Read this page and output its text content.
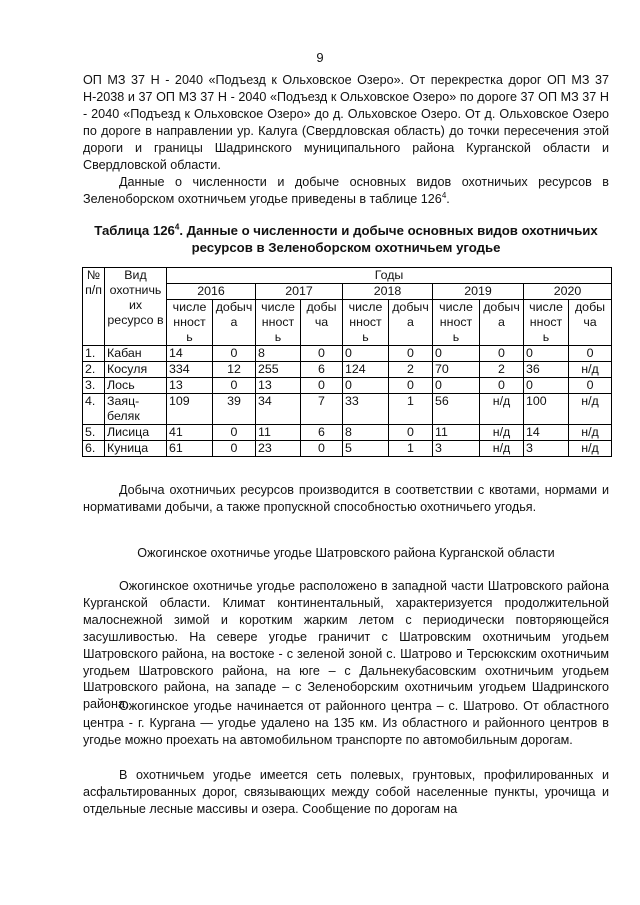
9

ОП МЗ 37 Н - 2040 «Подъезд к Ольховское Озеро». От перекрестка дорог ОП МЗ 37 Н-2038 и 37 ОП МЗ 37 Н - 2040 «Подъезд к Ольховское Озеро» по дороге 37 ОП МЗ 37 Н - 2040 «Подъезд к Ольховское Озеро» до д. Ольховское Озеро. От д. Ольховское Озеро по дороге в направлении ур. Калуга (Свердловская область) до точки пересечения этой дороги и границы Шадринского муниципального района Курганской области и Свердловской области.

Данные о численности и добыче основных видов охотничьих ресурсов в Зеленоборском охотничьем угодье приведены в таблице $126^4$.

Таблица $126^4$. Данные о численности и добыче основных видов охотничьих ресурсов в Зеленоборском охотничьем угодье

№ п/п	Вид охотничь их ресурсо в	Годы									
		2016		2017		2018		2019		2020	
		числе нност ь	добыч а	числе нност ь	добы ча	числе нност ь	добыч а	числе нност ь	добыч а	числе нност ь	добы ча
1.	Кабан	14	0	8	0	0	0	0	0	0	0
2.	Косуля	334	12	255	6	124	2	70	2	36	н/д
3.	Лось	13	0	13	0	0	0	0	0	0	0
4.	Заяц-беляк	109	39	34	7	33	1	56	н/д	100	н/д
5.	Лисица	41	0	11	6	8	0	11	н/д	14	н/д
6.	Куница	61	0	23	0	5	1	3	н/д	3	н/д

Добыча охотничьих ресурсов производится в соответствии с квотами, нормами и нормативами добычи, а также пропускной способностью охотничьего угодья.

Ожогинское охотничье угодье Шатровского района Курганской области

Ожогинское охотничье угодье расположено в западной части Шатровского района Курганской области. Климат континентальный, характеризуется продолжительной малоснежной зимой и коротким жарким летом с периодически повторяющейся засушливостью. На севере угодье граничит с Шатровским охотничьим угодьем Шатровского района, на востоке - с зеленой зоной с. Шатрово и Терсюкским охотничьим угодьем Шатровского района, на юге – с Дальнекубасовским охотничьим угодьем Шатровского района, на западе – с Зеленоборским охотничьим угодьем Шадринского района.

Ожогинское угодье начинается от районного центра – с. Шатрово. От областного центра - г. Кургана — угодье удалено на 135 км. Из областного и районного центров в угодье можно проехать на автомобильном транспорте по автомобильным дорогам.

В охотничьем угодье имеется сеть полевых, грунтовых, профилированных и асфальтированных дорог, связывающих между собой населенные пункты, урочища и отдельные лесные массивы и озера. Сообщение по дорогам на
